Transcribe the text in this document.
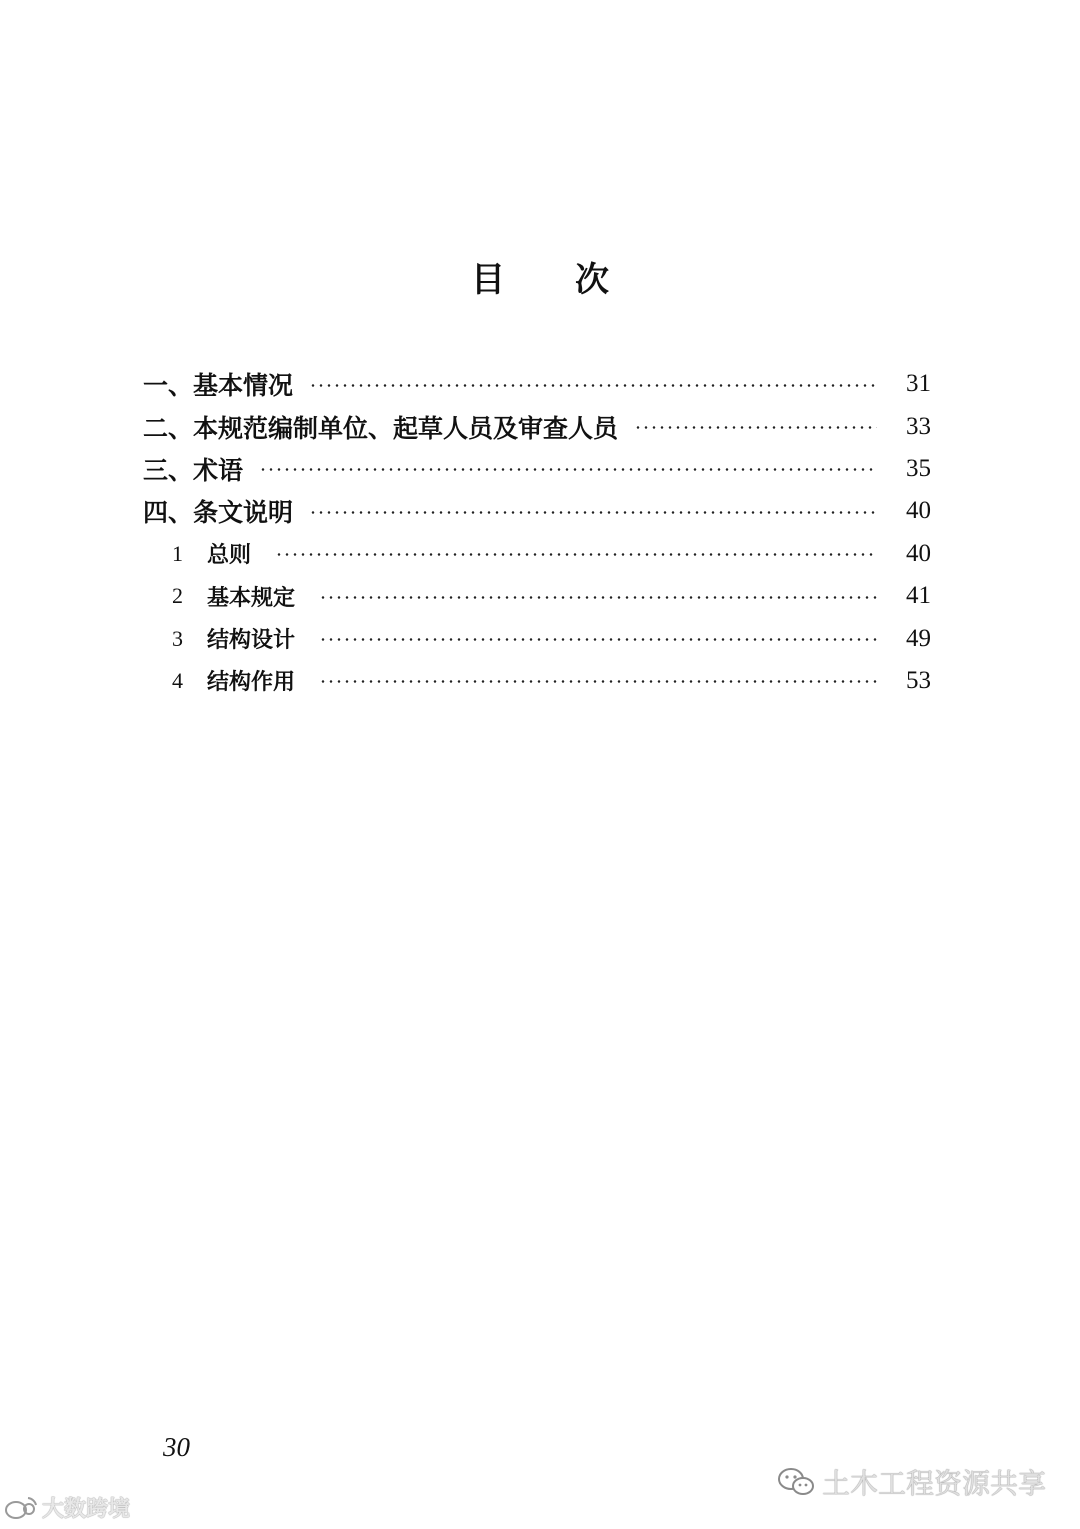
目 次
一、基本情况	31
二、本规范编制单位、起草人员及审查人员	33
三、术语	35
四、条文说明	40
1	总则	40
2	基本规定	41
3	结构设计	49
4	结构作用	53
30
大数跨境
土木工程资源共享
